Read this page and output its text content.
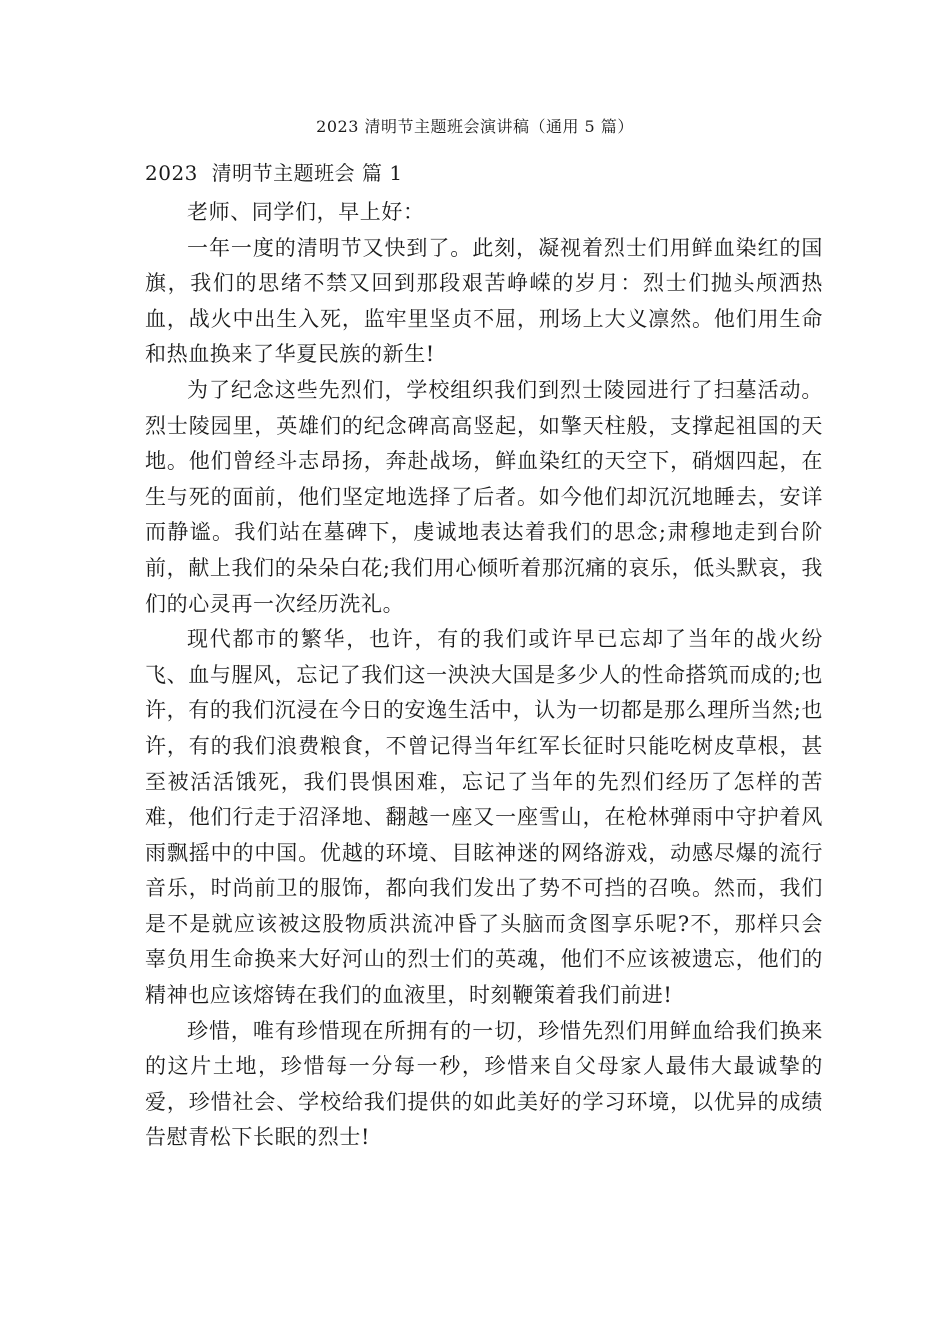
2023 清明节主题班会演讲稿（通用 5 篇）
2023  清明节主题班会 篇 1

老师、同学们，早上好：

一年一度的清明节又快到了。此刻，凝视着烈士们用鲜血染红的国旗，我们的思绪不禁又回到那段艰苦峥嵘的岁月：烈士们抛头颅洒热血，战火中出生入死，监牢里坚贞不屈，刑场上大义凛然。他们用生命和热血换来了华夏民族的新生!

为了纪念这些先烈们，学校组织我们到烈士陵园进行了扫墓活动。烈士陵园里，英雄们的纪念碑高高竖起，如擎天柱般，支撑起祖国的天地。他们曾经斗志昂扬，奔赴战场，鲜血染红的天空下，硝烟四起，在生与死的面前，他们坚定地选择了后者。如今他们却沉沉地睡去，安详而静谧。我们站在墓碑下，虔诚地表达着我们的思念;肃穆地走到台阶前，献上我们的朵朵白花;我们用心倾听着那沉痛的哀乐，低头默哀，我们的心灵再一次经历洗礼。

现代都市的繁华，也许，有的我们或许早已忘却了当年的战火纷飞、血与腥风，忘记了我们这一泱泱大国是多少人的性命搭筑而成的;也许，有的我们沉浸在今日的安逸生活中，认为一切都是那么理所当然;也许，有的我们浪费粮食，不曾记得当年红军长征时只能吃树皮草根，甚至被活活饿死，我们畏惧困难，忘记了当年的先烈们经历了怎样的苦难，他们行走于沼泽地、翻越一座又一座雪山，在枪林弹雨中守护着风雨飘摇中的中国。优越的环境、目眩神迷的网络游戏，动感尽爆的流行音乐，时尚前卫的服饰，都向我们发出了势不可挡的召唤。然而，我们是不是就应该被这股物质洪流冲昏了头脑而贪图享乐呢?不，那样只会辜负用生命换来大好河山的烈士们的英魂，他们不应该被遗忘，他们的精神也应该熔铸在我们的血液里，时刻鞭策着我们前进!

珍惜，唯有珍惜现在所拥有的一切，珍惜先烈们用鲜血给我们换来的这片土地，珍惜每一分每一秒，珍惜来自父母家人最伟大最诚挚的爱，珍惜社会、学校给我们提供的如此美好的学习环境，以优异的成绩告慰青松下长眠的烈士!
